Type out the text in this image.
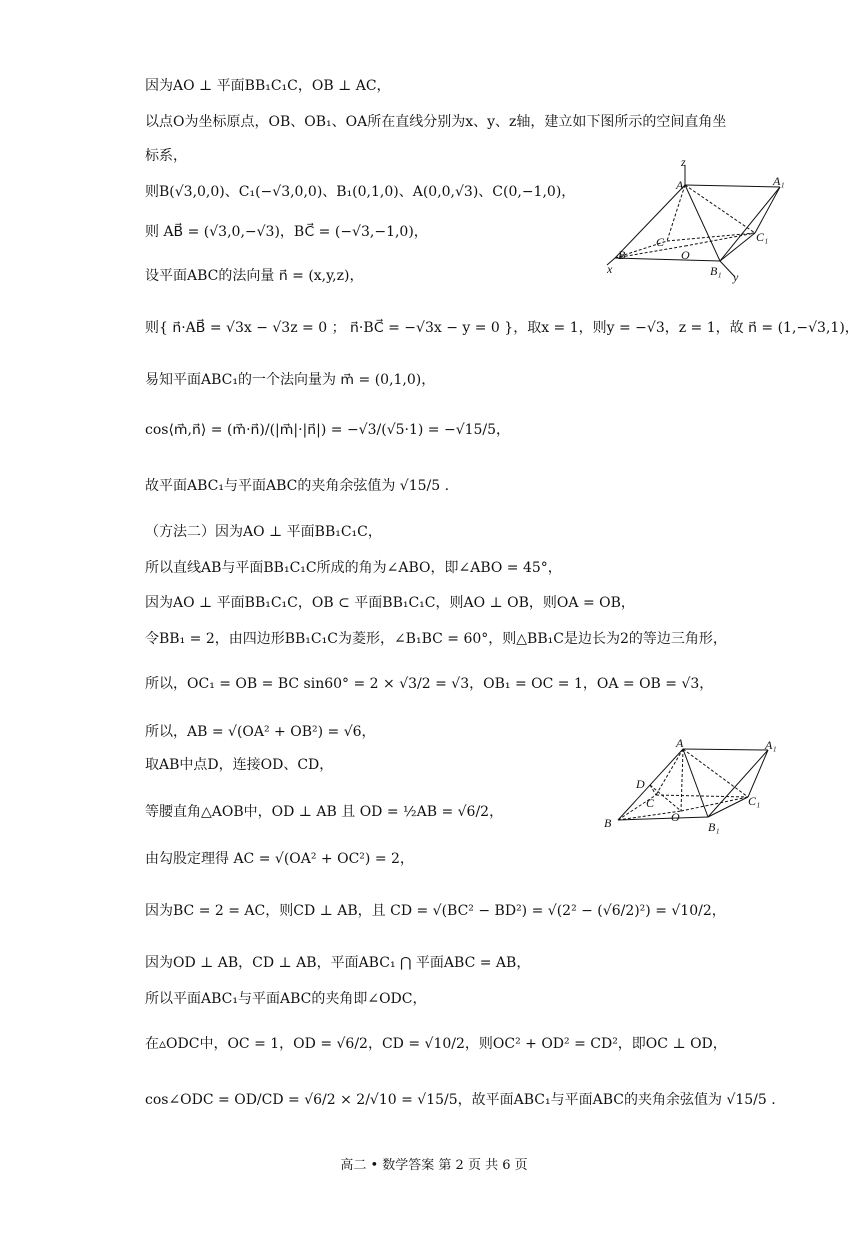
因为AO ⊥ 平面BB₁C₁C，OB ⊥ AC，
以点O为坐标原点，OB、OB₁、OA所在直线分别为x、y、z轴，建立如下图所示的空间直角坐
标系，
则B(√3,0,0)、C₁(−√3,0,0)、B₁(0,1,0)、A(0,0,√3)、C(0,−1,0)，
则 AB⃗ = (√3,0,−√3)，BC⃗ = (−√3,−1,0)，
设平面ABC的法向量 n⃗ = (x,y,z)，
则{ n⃗·AB⃗ = √3x − √3z = 0 ； n⃗·BC⃗ = −√3x − y = 0 }，取x = 1，则y = −√3，z = 1，故 n⃗ = (1,−√3,1)，
易知平面ABC₁的一个法向量为 m⃗ = (0,1,0)，
cos⟨m⃗,n⃗⟩ = (m⃗·n⃗)/(|m⃗|·|n⃗|) = −√3/(√5·1) = −√15/5，
故平面ABC₁与平面ABC的夹角余弦值为 √15/5 .
（方法二）因为AO ⊥ 平面BB₁C₁C，
所以直线AB与平面BB₁C₁C所成的角为∠ABO，即∠ABO = 45°，
因为AO ⊥ 平面BB₁C₁C，OB ⊂ 平面BB₁C₁C，则AO ⊥ OB，则OA = OB，
令BB₁ = 2，由四边形BB₁C₁C为菱形，∠B₁BC = 60°，则△BB₁C是边长为2的等边三角形，
所以，OC₁ = OB = BC sin60° = 2 × √3/2 = √3，OB₁ = OC = 1，OA = OB = √3，
所以，AB = √(OA² + OB²) = √6，
取AB中点D，连接OD、CD，
等腰直角△AOB中，OD ⊥ AB 且 OD = ½AB = √6/2，
由勾股定理得 AC = √(OA² + OC²) = 2，
因为BC = 2 = AC，则CD ⊥ AB，且 CD = √(BC² − BD²) = √(2² − (√6/2)²) = √10/2，
因为OD ⊥ AB，CD ⊥ AB，平面ABC₁ ⋂ 平面ABC = AB，
所以平面ABC₁与平面ABC的夹角即∠ODC，
在▵ODC中，OC = 1，OD = √6/2，CD = √10/2，则OC² + OD² = CD²，即OC ⊥ OD，
cos∠ODC = OD/CD = √6/2 × 2/√10 = √15/5，故平面ABC₁与平面ABC的夹角余弦值为 √15/5 .
z
A	A₁
C	C₁
B	O
B₁
x
y
A	A₁
D
C	C₁
B	O
B₁
高二 • 数学答案 第 2 页 共 6 页
